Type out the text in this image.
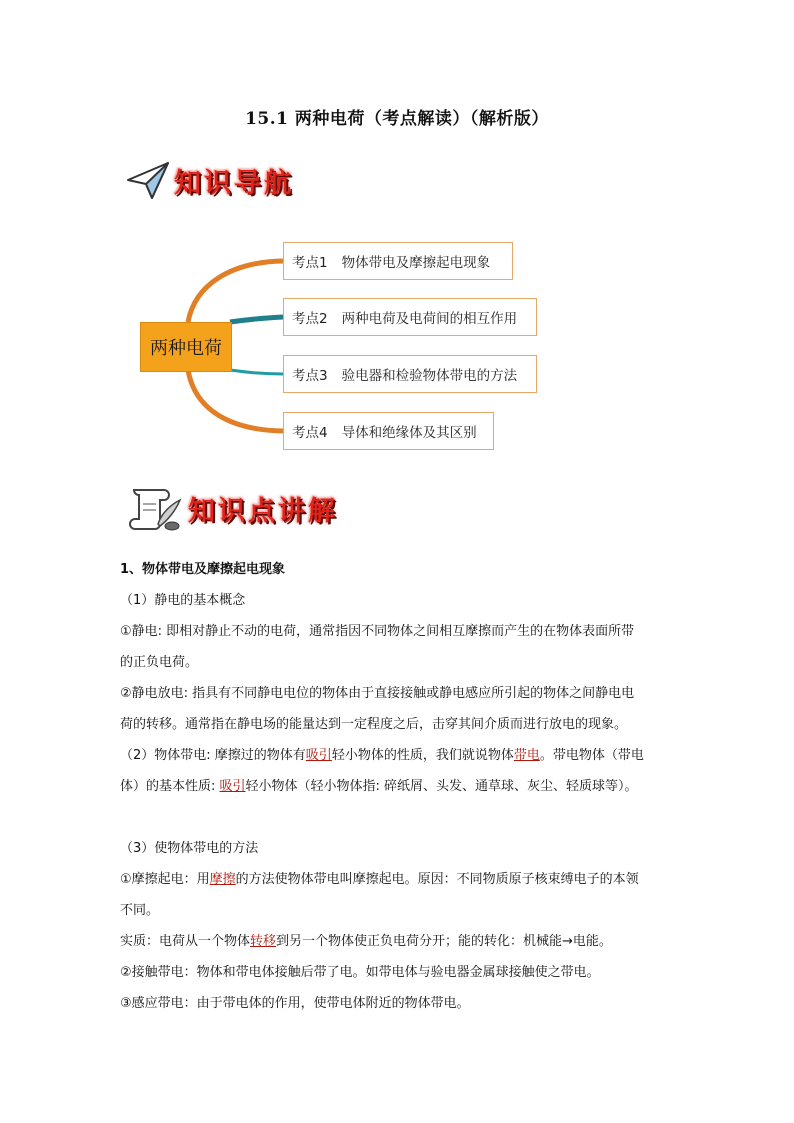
15.1 两种电荷（考点解读）（解析版）
知识导航
两种电荷
考点1 物体带电及摩擦起电现象
考点2 两种电荷及电荷间的相互作用
考点3 验电器和检验物体带电的方法
考点4 导体和绝缘体及其区别
知识点讲解
1、物体带电及摩擦起电现象
（1）静电的基本概念
①静电: 即相对静止不动的电荷，通常指因不同物体之间相互摩擦而产生的在物体表面所带
的正负电荷。
②静电放电: 指具有不同静电电位的物体由于直接接触或静电感应所引起的物体之间静电电
荷的转移。通常指在静电场的能量达到一定程度之后，击穿其间介质而进行放电的现象。
（2）物体带电: 摩擦过的物体有吸引轻小物体的性质，我们就说物体带电。带电物体（带电
体）的基本性质: 吸引轻小物体（轻小物体指: 碎纸屑、头发、通草球、灰尘、轻质球等）。
（3）使物体带电的方法
①摩擦起电：用摩擦的方法使物体带电叫摩擦起电。原因：不同物质原子核束缚电子的本领
不同。
实质：电荷从一个物体转移到另一个物体使正负电荷分开；能的转化：机械能→电能。
②接触带电：物体和带电体接触后带了电。如带电体与验电器金属球接触使之带电。
③感应带电：由于带电体的作用，使带电体附近的物体带电。
